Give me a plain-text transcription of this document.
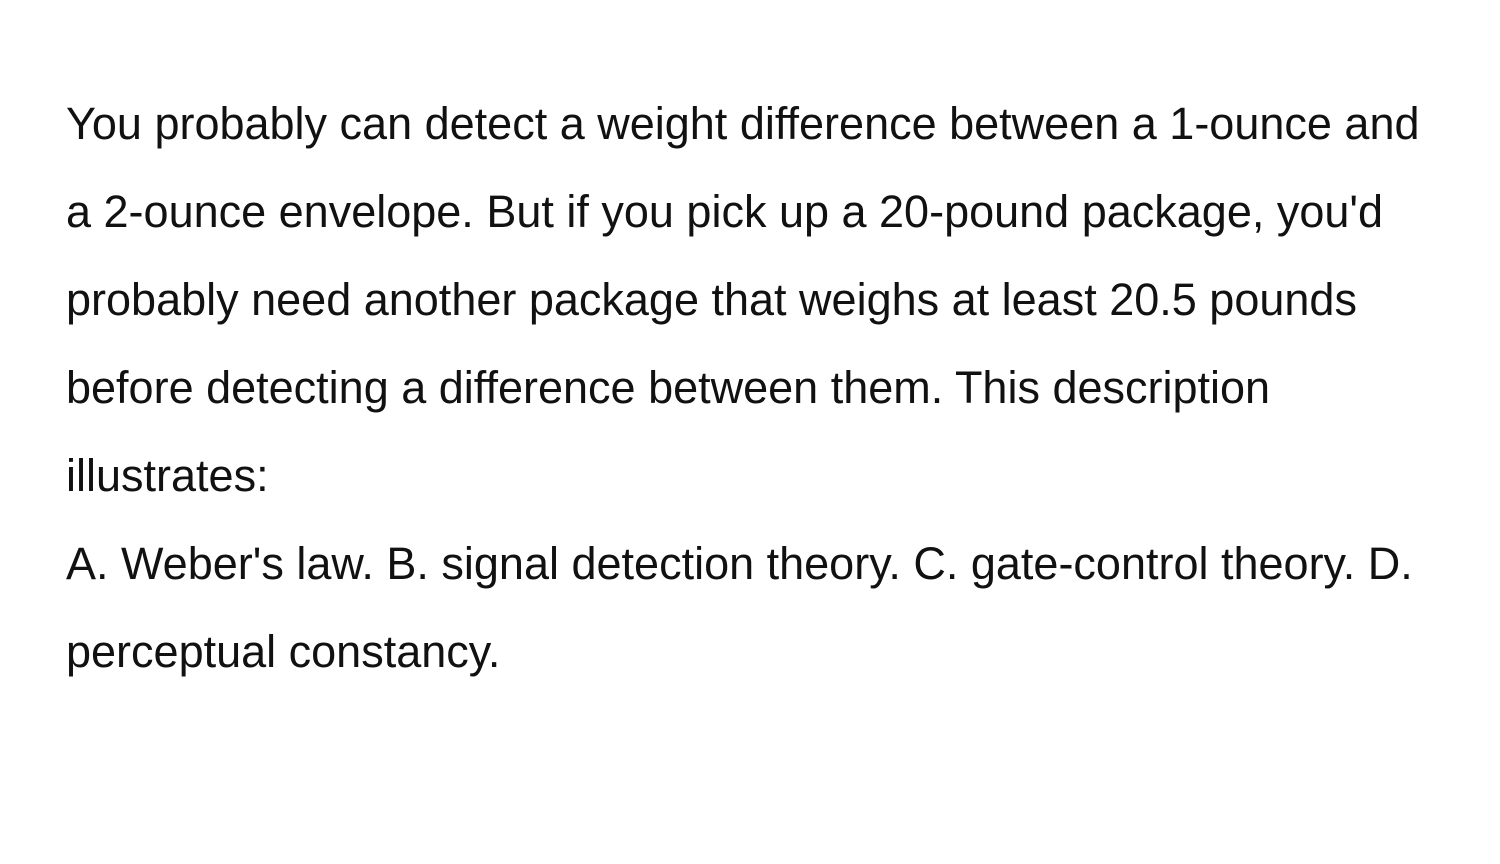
You probably can detect a weight difference between a 1-ounce and a 2-ounce envelope. But if you pick up a 20-pound package, you'd probably need another package that weighs at least 20.5 pounds before detecting a difference between them. This description illustrates:

A. Weber's law. B. signal detection theory. C. gate-control theory. D. perceptual constancy.
